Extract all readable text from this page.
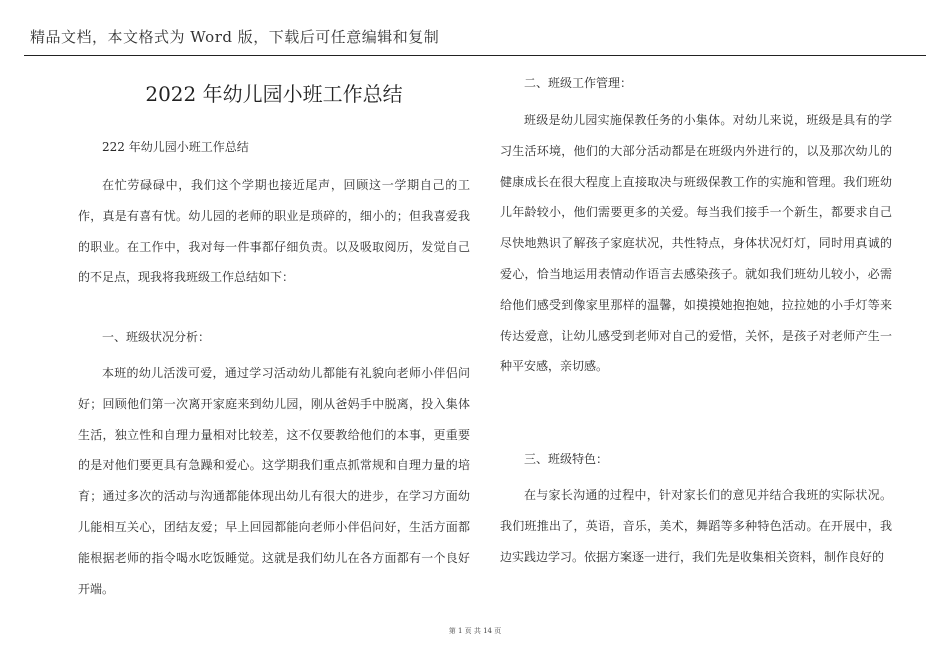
精品文档，本文格式为 Word 版，下载后可任意编辑和复制
2022 年幼儿园小班工作总结
222 年幼儿园小班工作总结
在忙劳碌碌中，我们这个学期也接近尾声，回顾这一学期自己的工作，真是有喜有忧。幼儿园的老师的职业是琐碎的，细小的；但我喜爱我的职业。在工作中，我对每一件事都仔细负责。以及吸取阅历，发觉自己的不足点，现我将我班级工作总结如下：
一、班级状况分析：
本班的幼儿活泼可爱，通过学习活动幼儿都能有礼貌向老师小伴侣问好；回顾他们第一次离开家庭来到幼儿园，刚从爸妈手中脱离，投入集体生活，独立性和自理力量相对比较差，这不仅要教给他们的本事，更重要的是对他们要更具有急躁和爱心。这学期我们重点抓常规和自理力量的培育；通过多次的活动与沟通都能体现出幼儿有很大的进步，在学习方面幼儿能相互关心，团结友爱；早上回园都能向老师小伴侣问好，生活方面都能根据老师的指令喝水吃饭睡觉。这就是我们幼儿在各方面都有一个良好开端。
二、班级工作管理：
班级是幼儿园实施保教任务的小集体。对幼儿来说，班级是具有的学习生活环境，他们的大部分活动都是在班级内外进行的，以及那次幼儿的健康成长在很大程度上直接取决与班级保教工作的实施和管理。我们班幼儿年龄较小，他们需要更多的关爱。每当我们接手一个新生，都要求自己尽快地熟识了解孩子家庭状况，共性特点，身体状况灯灯，同时用真诚的爱心，恰当地运用表情动作语言去感染孩子。就如我们班幼儿较小，必需给他们感受到像家里那样的温馨，如摸摸她抱抱她，拉拉她的小手灯等来传达爱意，让幼儿感受到老师对自己的爱惜，关怀，是孩子对老师产生一种平安感，亲切感。
三、班级特色：
在与家长沟通的过程中，针对家长们的意见并结合我班的实际状况。我们班推出了，英语，音乐，美术，舞蹈等多种特色活动。在开展中，我边实践边学习。依据方案逐一进行，我们先是收集相关资料，制作良好的
第 1 页 共 14 页
